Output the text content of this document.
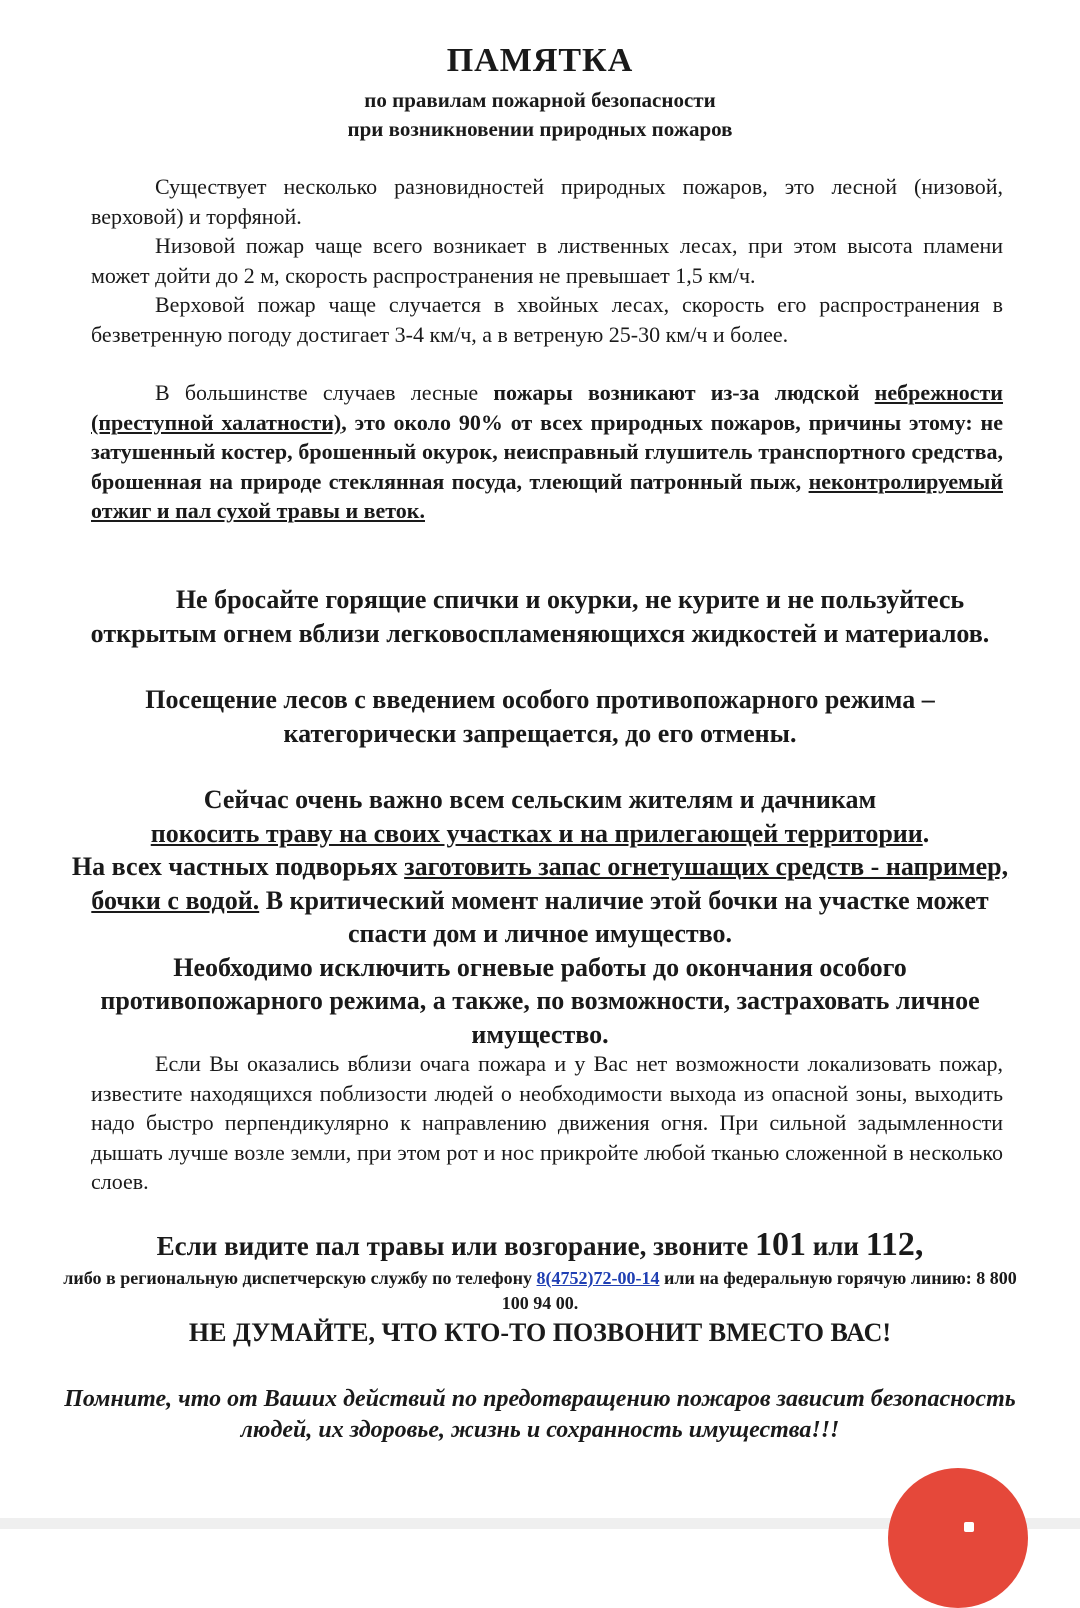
ПАМЯТКА
по правилам пожарной безопасности
при возникновении природных пожаров
Существует несколько разновидностей природных пожаров, это лесной (низовой, верховой) и торфяной.
Низовой пожар чаще всего возникает в лиственных лесах, при этом высота пламени может дойти до 2 м, скорость распространения не превышает 1,5 км/ч.
Верховой пожар чаще случается в хвойных лесах, скорость его распространения в безветренную погоду достигает 3-4 км/ч, а в ветреную 25-30 км/ч и более.
В большинстве случаев лесные пожары возникают из-за людской небрежности (преступной халатности), это около 90% от всех природных пожаров, причины этому: не затушенный костер, брошенный окурок, неисправный глушитель транспортного средства, брошенная на природе стеклянная посуда, тлеющий патронный пыж, неконтролируемый отжиг и пал сухой травы и веток.
Не бросайте горящие спички и окурки, не курите и не пользуйтесь открытым огнем вблизи легковоспламеняющихся жидкостей и материалов.
Посещение лесов с введением особого противопожарного режима – категорически запрещается, до его отмены.
Сейчас очень важно всем сельским жителям и дачникам
покосить траву на своих участках и на прилегающей территории.
На всех частных подворьях заготовить запас огнетушащих средств - например, бочки с водой. В критический момент наличие этой бочки на участке может спасти дом и личное имущество.
Необходимо исключить огневые работы до окончания особого противопожарного режима, а также, по возможности, застраховать личное имущество.
Если Вы оказались вблизи очага пожара и у Вас нет возможности локализовать пожар, известите находящихся поблизости людей о необходимости выхода из опасной зоны, выходить надо быстро перпендикулярно к направлению движения огня. При сильной задымленности дышать лучше возле земли, при этом рот и нос прикройте любой тканью сложенной в несколько слоев.
Если видите пал травы или возгорание, звоните 101 или 112,
либо в региональную диспетчерскую службу по телефону 8(4752)72-00-14 или на федеральную горячую линию: 8 800 100 94 00.
НЕ ДУМАЙТЕ, ЧТО КТО-ТО ПОЗВОНИТ ВМЕСТО ВАС!
Помните, что от Ваших действий по предотвращению пожаров зависит безопасность людей, их здоровье, жизнь и сохранность имущества!!!
